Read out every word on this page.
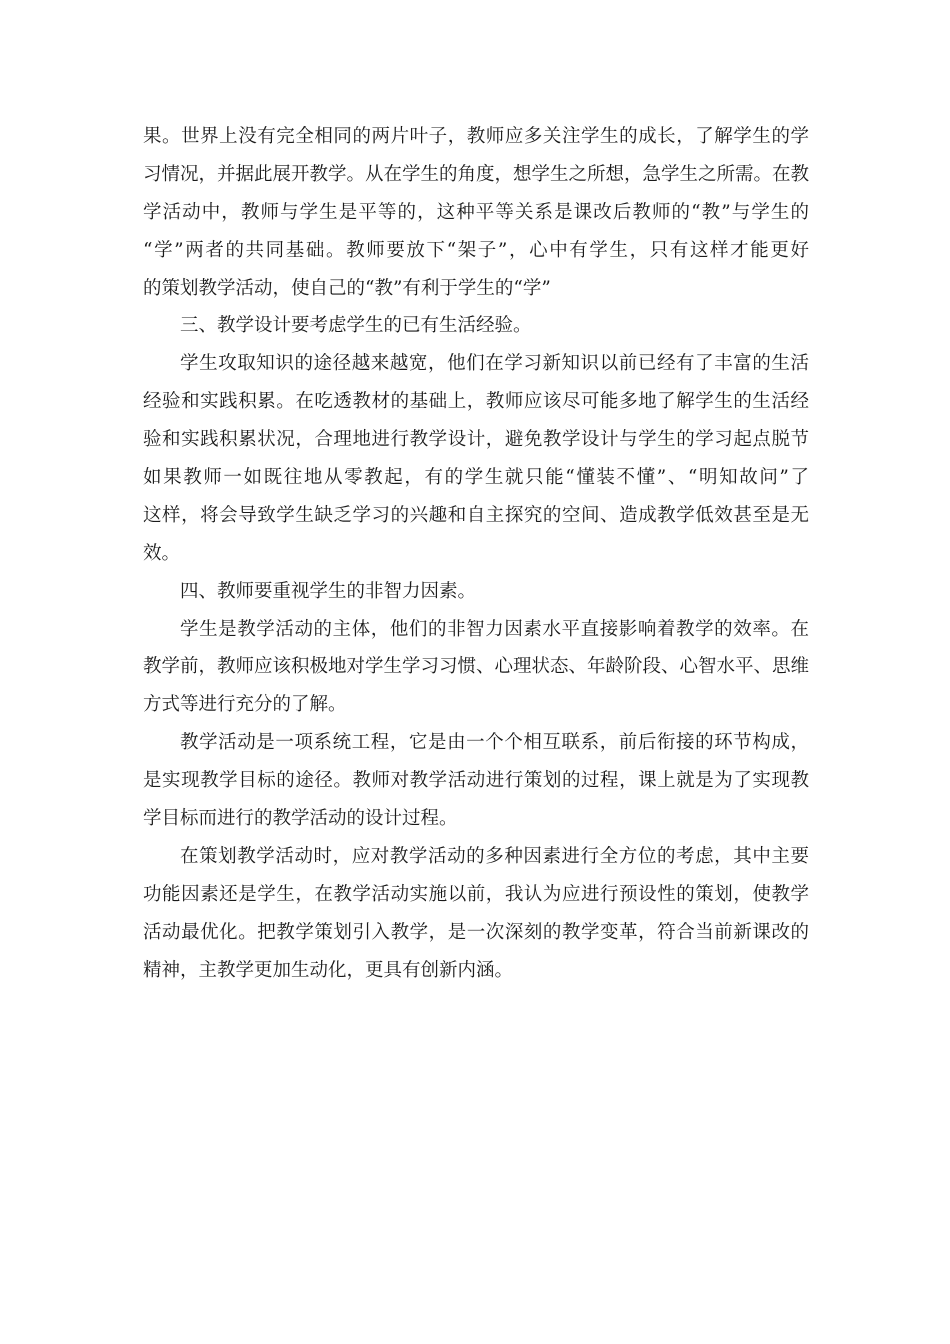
果。世界上没有完全相同的两片叶子，教师应多关注学生的成长，了解学生的学
习情况，并据此展开教学。从在学生的角度，想学生之所想，急学生之所需。在教
学活动中，教师与学生是平等的，这种平等关系是课改后教师的“教”与学生的
“学”两者的共同基础。教师要放下“架子”，心中有学生，只有这样才能更好
的策划教学活动，使自己的“教”有利于学生的“学”
三、教学设计要考虑学生的已有生活经验。
学生攻取知识的途径越来越宽，他们在学习新知识以前已经有了丰富的生活
经验和实践积累。在吃透教材的基础上，教师应该尽可能多地了解学生的生活经
验和实践积累状况，合理地进行教学设计，避免教学设计与学生的学习起点脱节
如果教师一如既往地从零教起，有的学生就只能“懂装不懂”、“明知故问”了
这样，将会导致学生缺乏学习的兴趣和自主探究的空间、造成教学低效甚至是无
效。
四、教师要重视学生的非智力因素。
学生是教学活动的主体，他们的非智力因素水平直接影响着教学的效率。在
教学前，教师应该积极地对学生学习习惯、心理状态、年龄阶段、心智水平、思维
方式等进行充分的了解。
教学活动是一项系统工程，它是由一个个相互联系，前后衔接的环节构成，
是实现教学目标的途径。教师对教学活动进行策划的过程，课上就是为了实现教
学目标而进行的教学活动的设计过程。
在策划教学活动时，应对教学活动的多种因素进行全方位的考虑，其中主要
功能因素还是学生，在教学活动实施以前，我认为应进行预设性的策划，使教学
活动最优化。把教学策划引入教学，是一次深刻的教学变革，符合当前新课改的
精神，主教学更加生动化，更具有创新内涵。
